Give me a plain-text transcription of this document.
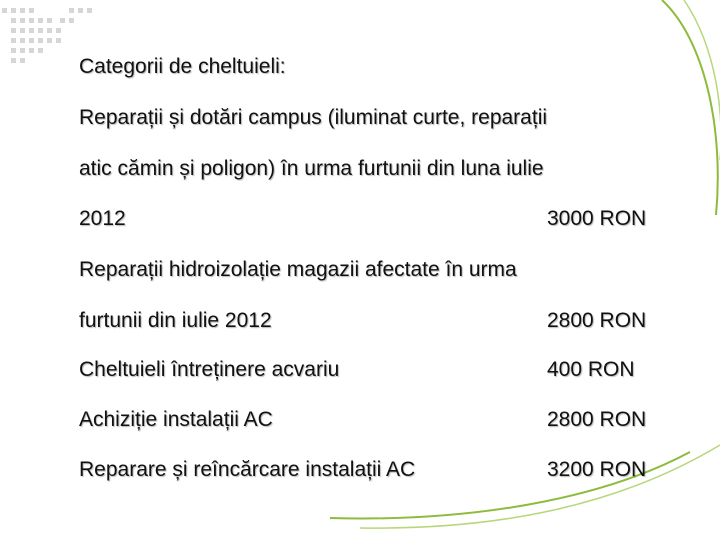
Categorii de cheltuieli:
Reparații și dotări campus (iluminat curte, reparații
atic cămin și poligon) în urma furtunii din luna iulie
2012	3000 RON
Reparații hidroizolație magazii afectate în urma
furtunii din iulie 2012	2800 RON
Cheltuieli întreținere acvariu	400 RON
Achiziție instalații AC	2800 RON
Reparare și reîncărcare instalații AC	3200 RON
